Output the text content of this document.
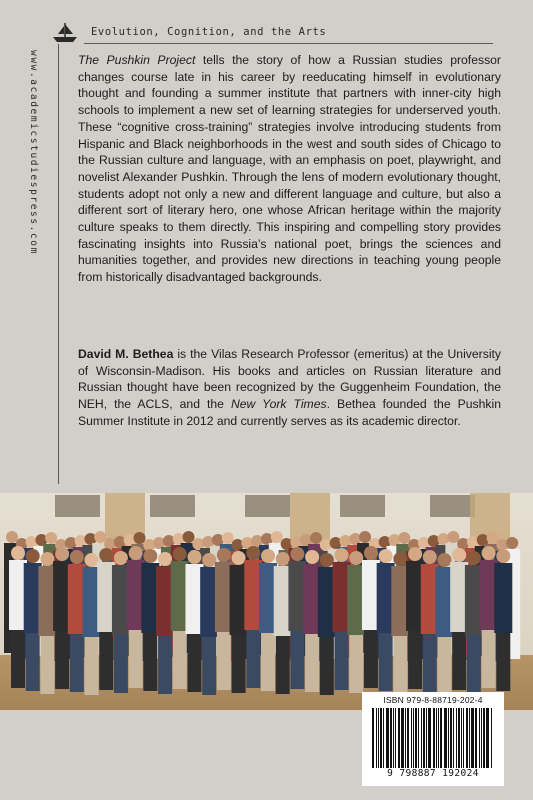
Evolution, Cognition, and the Arts
www.academicstudiespress.com	The Pushkin Project tells the story of how a Russian studies professor changes course late in his career by reeducating himself in evolutionary thought and founding a summer institute that partners with inner-city high schools to implement a new set of learning strategies for underserved youth. These “cognitive cross-training” strategies involve introducing students from Hispanic and Black neighborhoods in the west and south sides of Chicago to the Russian culture and language, with an emphasis on poet, playwright, and novelist Alexander Pushkin. Through the lens of modern evolutionary thought, students adopt not only a new and different language and culture, but also a different sort of literary hero, one whose African heritage within the majority culture speaks to them directly. This inspiring and compelling story provides fascinating insights into Russia’s national poet, brings the sciences and humanities together, and provides new directions in teaching young people from historically disadvantaged backgrounds.

David M. Bethea is the Vilas Research Professor (emeritus) at the University of Wisconsin-Madison. His books and articles on Russian literature and Russian thought have been recognized by the Guggenheim Foundation, the NEH, the ACLS, and the New York Times. Bethea founded the Pushkin Summer Institute in 2012 and currently serves as its academic director.

ISBN 979-8-88719-202-4
9 798887 192024
